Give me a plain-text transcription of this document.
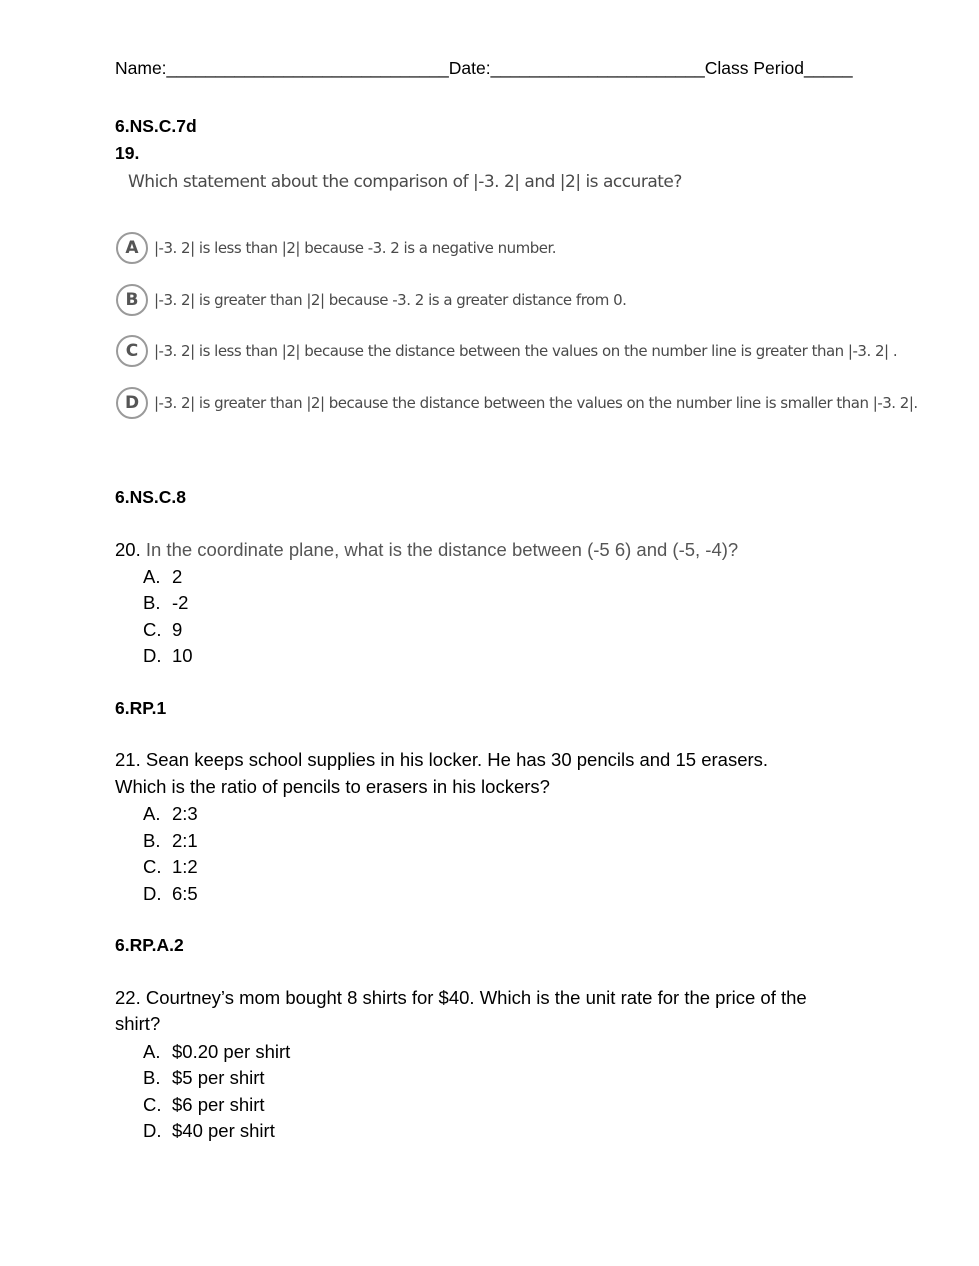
Name:_____________________________Date:______________________Class Period_____
6.NS.C.7d
19.
Which statement about the comparison of |-3. 2| and |2| is accurate?
A	|-3. 2| is less than |2| because -3. 2 is a negative number.
B	|-3. 2| is greater than |2| because -3. 2 is a greater distance from 0.
C	|-3. 2| is less than |2| because the distance between the values on the number line is greater than |-3. 2| .
D |-3. 2| is greater than |2| because the distance between the values on the number line is smaller than |-3. 2|.
6.NS.C.8
20. In the coordinate plane, what is the distance between (-5 6) and (-5, -4)?
A. 2
B. -2
C. 9
D. 10
6.RP.1
21. Sean keeps school supplies in his locker. He has 30 pencils and 15 erasers.
Which is the ratio of pencils to erasers in his lockers?
A. 2:3
B. 2:1
C. 1:2
D. 6:5
6.RP.A.2
22. Courtney’s mom bought 8 shirts for $40. Which is the unit rate for the price of the
shirt?
A. $0.20 per shirt
B. $5 per shirt
C. $6 per shirt
D. $40 per shirt
